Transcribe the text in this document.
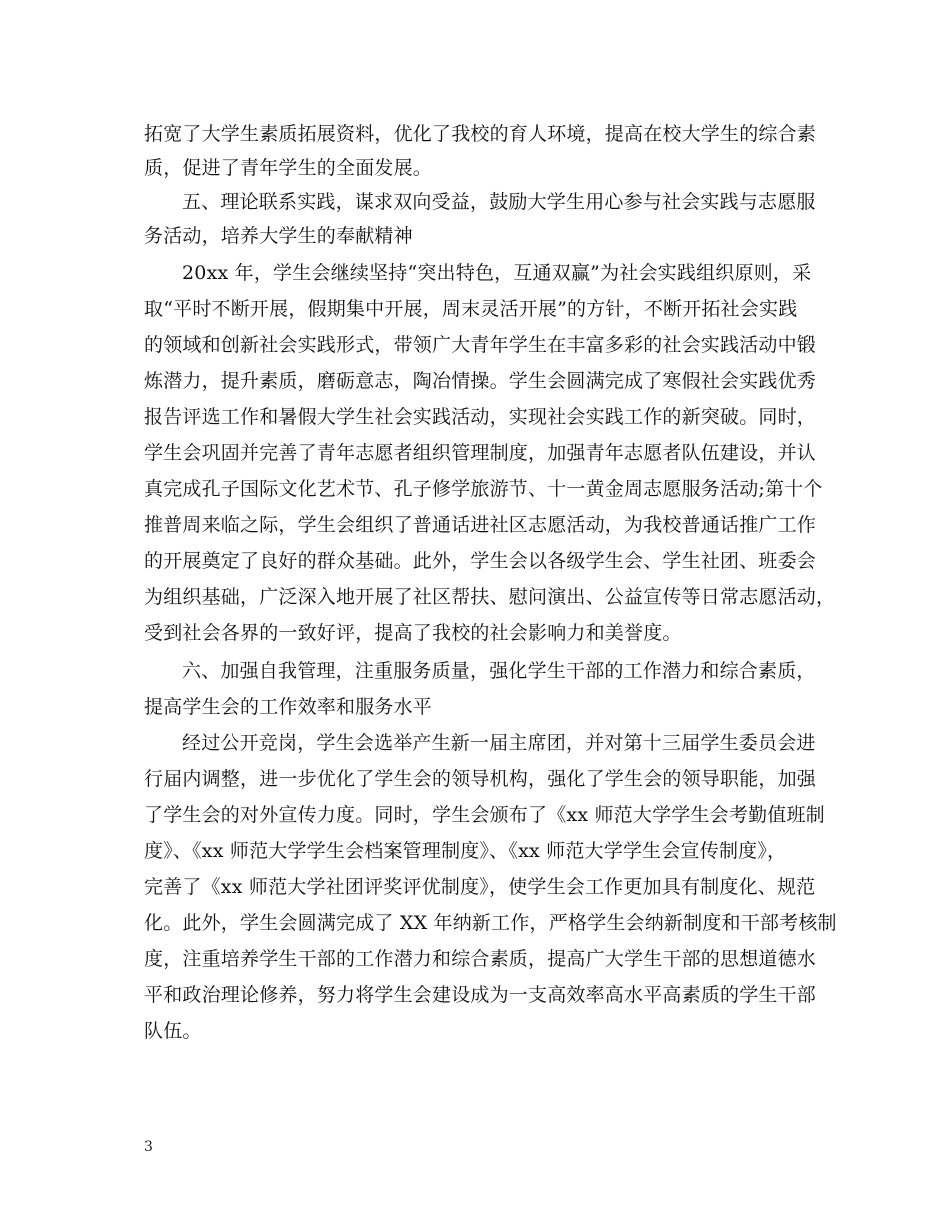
拓宽了大学生素质拓展资料，优化了我校的育人环境，提高在校大学生的综合素
质，促进了青年学生的全面发展。
五、理论联系实践，谋求双向受益，鼓励大学生用心参与社会实践与志愿服
务活动，培养大学生的奉献精神
20xx 年，学生会继续坚持“突出特色，互通双赢”为社会实践组织原则，采
取“平时不断开展，假期集中开展，周末灵活开展”的方针，不断开拓社会实践
的领域和创新社会实践形式，带领广大青年学生在丰富多彩的社会实践活动中锻
炼潜力，提升素质，磨砺意志，陶冶情操。学生会圆满完成了寒假社会实践优秀
报告评选工作和暑假大学生社会实践活动，实现社会实践工作的新突破。同时，
学生会巩固并完善了青年志愿者组织管理制度，加强青年志愿者队伍建设，并认
真完成孔子国际文化艺术节、孔子修学旅游节、十一黄金周志愿服务活动;第十个
推普周来临之际，学生会组织了普通话进社区志愿活动，为我校普通话推广工作
的开展奠定了良好的群众基础。此外，学生会以各级学生会、学生社团、班委会
为组织基础，广泛深入地开展了社区帮扶、慰问演出、公益宣传等日常志愿活动，
受到社会各界的一致好评，提高了我校的社会影响力和美誉度。
六、加强自我管理，注重服务质量，强化学生干部的工作潜力和综合素质，
提高学生会的工作效率和服务水平
经过公开竞岗，学生会选举产生新一届主席团，并对第十三届学生委员会进
行届内调整，进一步优化了学生会的领导机构，强化了学生会的领导职能，加强
了学生会的对外宣传力度。同时，学生会颁布了《xx 师范大学学生会考勤值班制
度》、《xx 师范大学学生会档案管理制度》、《xx 师范大学学生会宣传制度》，
完善了《xx 师范大学社团评奖评优制度》，使学生会工作更加具有制度化、规范
化。此外，学生会圆满完成了 XX 年纳新工作，严格学生会纳新制度和干部考核制
度，注重培养学生干部的工作潜力和综合素质，提高广大学生干部的思想道德水
平和政治理论修养，努力将学生会建设成为一支高效率高水平高素质的学生干部
队伍。
3
